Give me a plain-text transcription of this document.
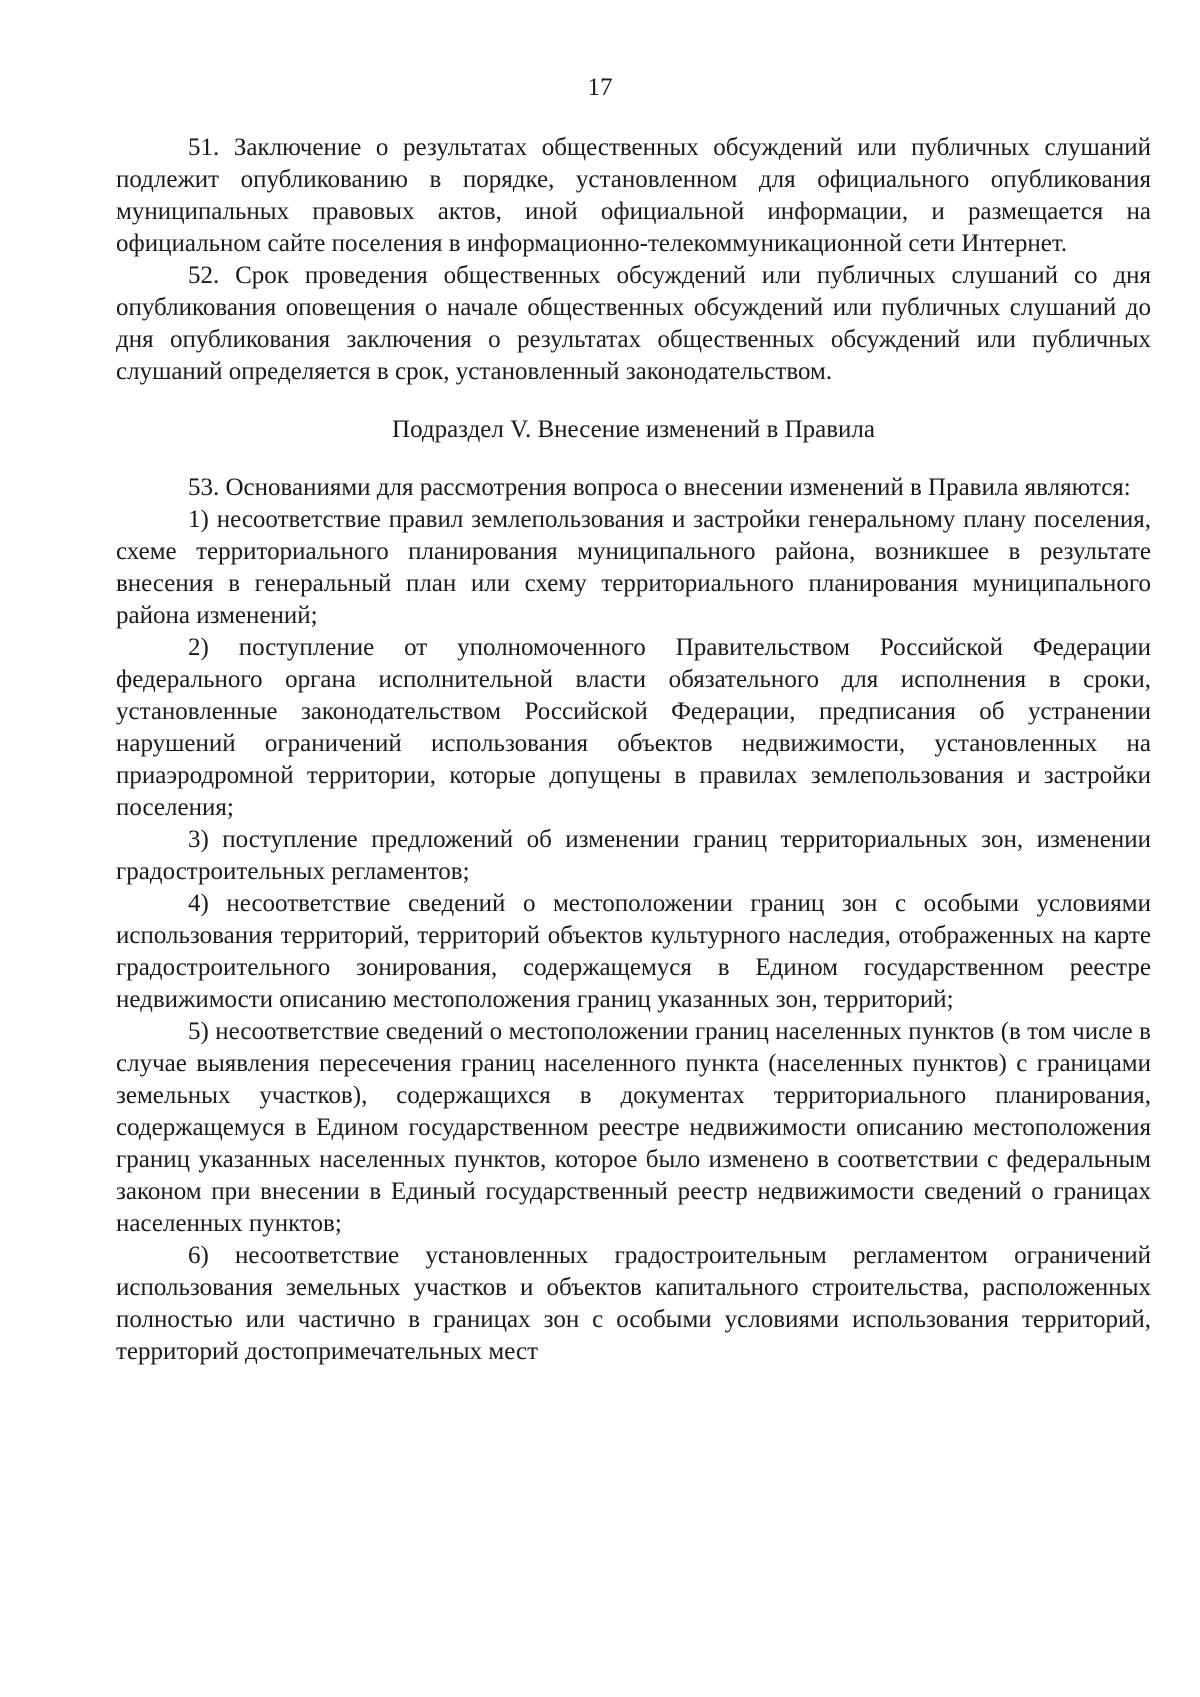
17

51. Заключение о результатах общественных обсуждений или публичных слушаний подлежит опубликованию в порядке, установленном для официального опубликования муниципальных правовых актов, иной официальной информации, и размещается на официальном сайте поселения в информационно-телекоммуникационной сети Интернет.

52. Срок проведения общественных обсуждений или публичных слушаний со дня опубликования оповещения о начале общественных обсуждений или публичных слушаний до дня опубликования заключения о результатах общественных обсуждений или публичных слушаний определяется в срок, установленный законодательством.

Подраздел V. Внесение изменений в Правила

53. Основаниями для рассмотрения вопроса о внесении изменений в Правила являются:

1) несоответствие правил землепользования и застройки генеральному плану поселения, схеме территориального планирования муниципального района, возникшее в результате внесения в генеральный план или схему территориального планирования муниципального района изменений;

2) поступление от уполномоченного Правительством Российской Федерации федерального органа исполнительной власти обязательного для исполнения в сроки, установленные законодательством Российской Федерации, предписания об устранении нарушений ограничений использования объектов недвижимости, установленных на приаэродромной территории, которые допущены в правилах землепользования и застройки поселения;

3) поступление предложений об изменении границ территориальных зон, изменении градостроительных регламентов;

4) несоответствие сведений о местоположении границ зон с особыми условиями использования территорий, территорий объектов культурного наследия, отображенных на карте градостроительного зонирования, содержащемуся в Едином государственном реестре недвижимости описанию местоположения границ указанных зон, территорий;

5) несоответствие сведений о местоположении границ населенных пунктов (в том числе в случае выявления пересечения границ населенного пункта (населенных пунктов) с границами земельных участков), содержащихся в документах территориального планирования, содержащемуся в Едином государственном реестре недвижимости описанию местоположения границ указанных населенных пунктов, которое было изменено в соответствии с федеральным законом при внесении в Единый государственный реестр недвижимости сведений о границах населенных пунктов;

6) несоответствие установленных градостроительным регламентом ограничений использования земельных участков и объектов капитального строительства, расположенных полностью или частично в границах зон с особыми условиями использования территорий, территорий достопримечательных мест
